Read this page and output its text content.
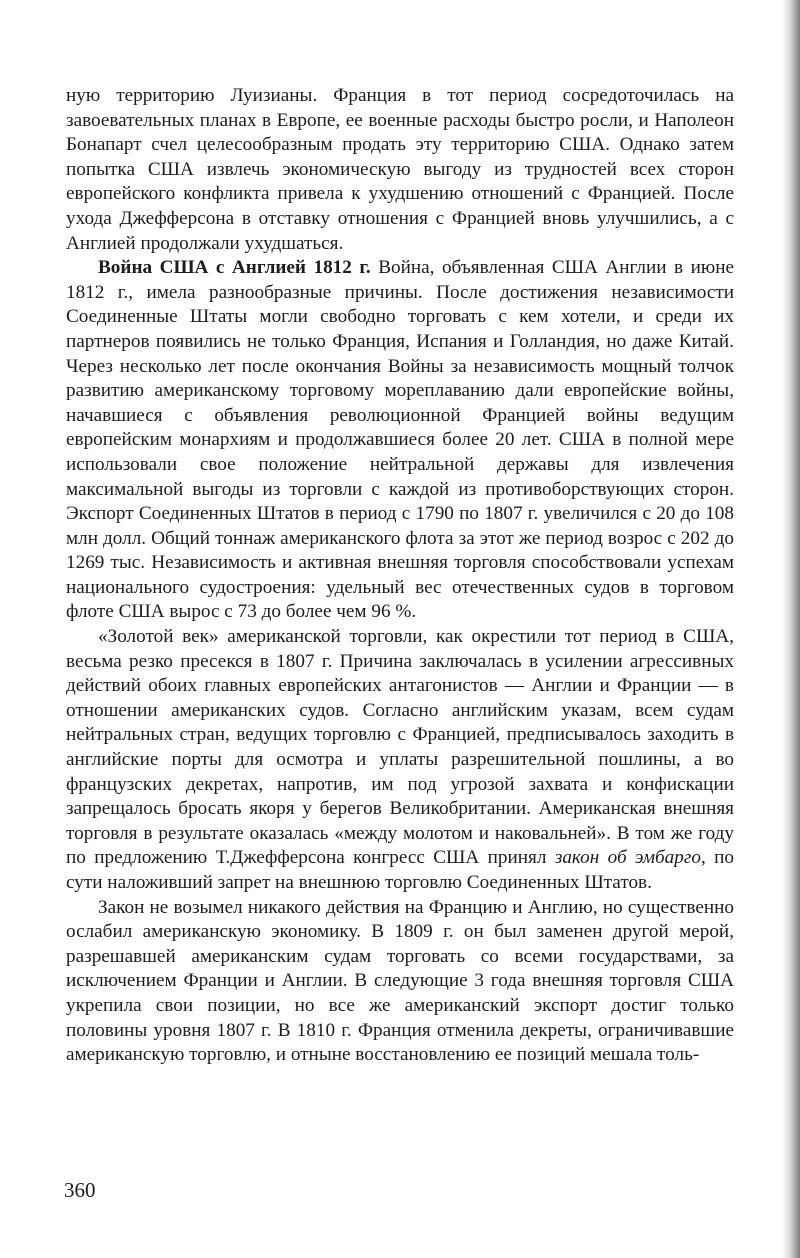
ную территорию Луизианы. Франция в тот период сосредоточилась на завоевательных планах в Европе, ее военные расходы быстро росли, и Наполеон Бонапарт счел целесообразным продать эту территорию США. Однако затем попытка США извлечь экономическую выгоду из трудностей всех сторон европейского конфликта привела к ухудшению отношений с Францией. После ухода Джефферсона в отставку отношения с Францией вновь улучшились, а с Англией продолжали ухудшаться.

Война США с Англией 1812 г. Война, объявленная США Англии в июне 1812 г., имела разнообразные причины. После достижения независимости Соединенные Штаты могли свободно торговать с кем хотели, и среди их партнеров появились не только Франция, Испания и Голландия, но даже Китай. Через несколько лет после окончания Войны за независимость мощный толчок развитию американскому торговому мореплаванию дали европейские войны, начавшиеся с объявления революционной Францией войны ведущим европейским монархиям и продолжавшиеся более 20 лет. США в полной мере использовали свое положение нейтральной державы для извлечения максимальной выгоды из торговли с каждой из противоборствующих сторон. Экспорт Соединенных Штатов в период с 1790 по 1807 г. увеличился с 20 до 108 млн долл. Общий тоннаж американского флота за этот же период возрос с 202 до 1269 тыс. Независимость и активная внешняя торговля способствовали успехам национального судостроения: удельный вес отечественных судов в торговом флоте США вырос с 73 до более чем 96 %.

«Золотой век» американской торговли, как окрестили тот период в США, весьма резко пресекся в 1807 г. Причина заключалась в усилении агрессивных действий обоих главных европейских антагонистов — Англии и Франции — в отношении американских судов. Согласно английским указам, всем судам нейтральных стран, ведущих торговлю с Францией, предписывалось заходить в английские порты для осмотра и уплаты разрешительной пошлины, а во французских декретах, напротив, им под угрозой захвата и конфискации запрещалось бросать якоря у берегов Великобритании. Американская внешняя торговля в результате оказалась «между молотом и наковальней». В том же году по предложению Т.Джефферсона конгресс США принял закон об эмбарго, по сути наложивший запрет на внешнюю торговлю Соединенных Штатов.

Закон не возымел никакого действия на Францию и Англию, но существенно ослабил американскую экономику. В 1809 г. он был заменен другой мерой, разрешавшей американским судам торговать со всеми государствами, за исключением Франции и Англии. В следующие 3 года внешняя торговля США укрепила свои позиции, но все же американский экспорт достиг только половины уровня 1807 г. В 1810 г. Франция отменила декреты, ограничивавшие американскую торговлю, и отныне восстановлению ее позиций мешала толь-

360
